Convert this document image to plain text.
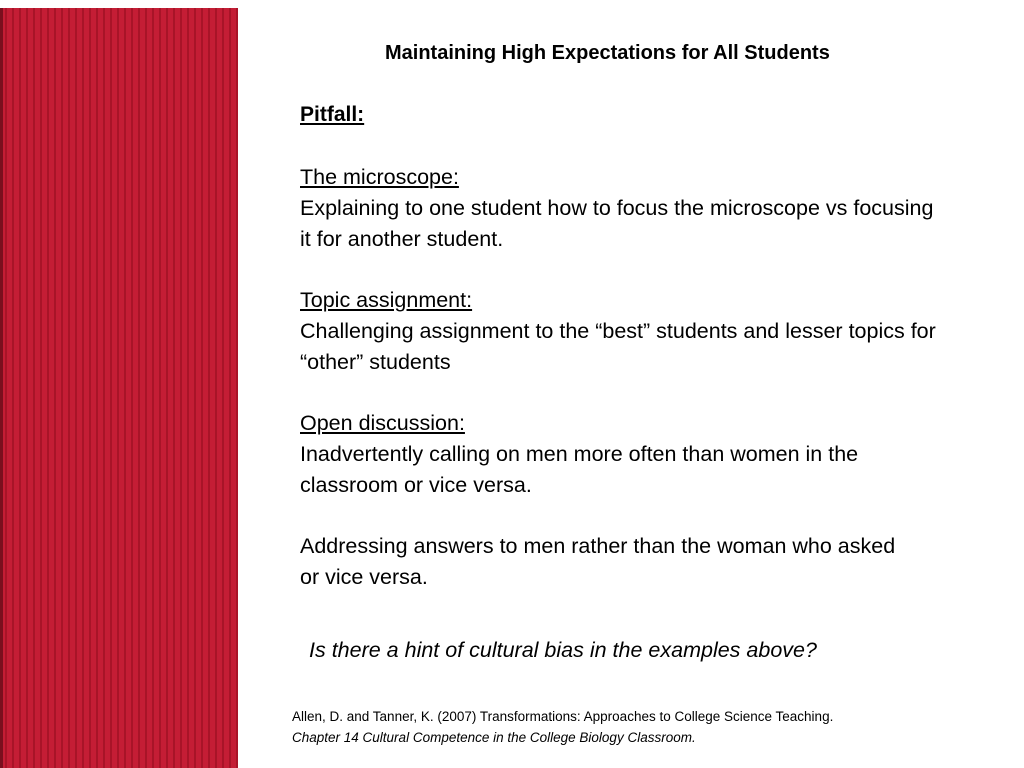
Maintaining High Expectations for All Students
Pitfall:
The microscope:
Explaining to one student how to focus the microscope vs focusing it for another student.
Topic assignment:
Challenging assignment to the “best” students and lesser topics for “other” students
Open discussion:
Inadvertently calling on men more often than women in the classroom or vice versa.
Addressing answers to men rather than the woman who asked or vice versa.
Is there a hint of cultural bias in the examples above?
Allen, D. and Tanner, K. (2007) Transformations: Approaches to College Science Teaching.
Chapter 14 Cultural Competence in the College Biology Classroom.
